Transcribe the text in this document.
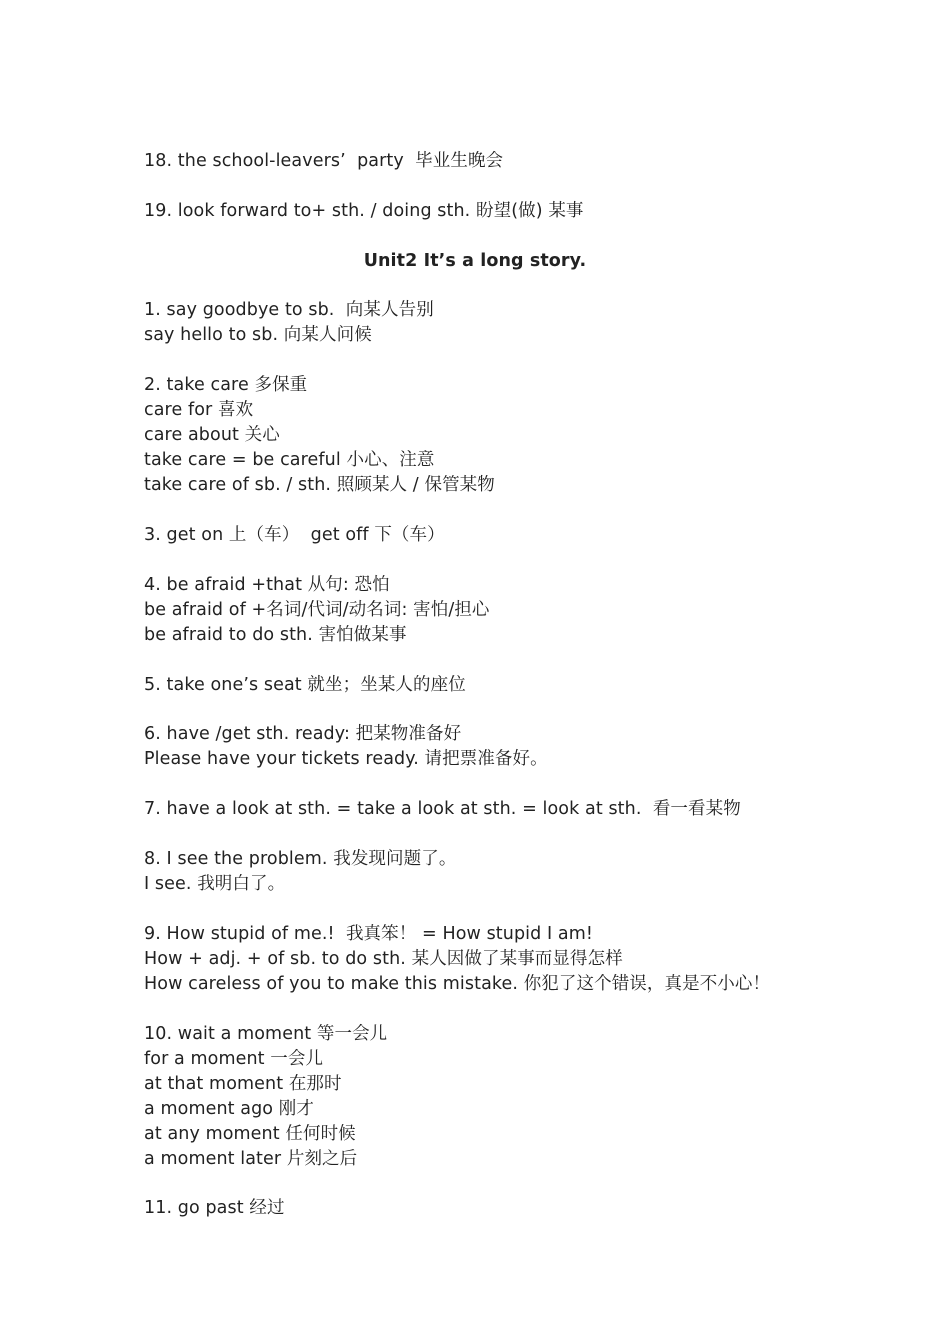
18. the school-leavers’  party  毕业生晚会
19. look forward to+ sth. / doing sth. 盼望(做) 某事
Unit2 It’s a long story.
1. say goodbye to sb.  向某人告别
say hello to sb. 向某人问候
2. take care 多保重
care for 喜欢
care about 关心
take care = be careful 小心、注意
take care of sb. / sth. 照顾某人 / 保管某物
3. get on 上（车）  get off 下（车）
4. be afraid +that 从句: 恐怕
be afraid of +名词/代词/动名词: 害怕/担心
be afraid to do sth. 害怕做某事
5. take one’s seat 就坐；坐某人的座位
6. have /get sth. ready: 把某物准备好
Please have your tickets ready. 请把票准备好。
7. have a look at sth. = take a look at sth. = look at sth.  看一看某物
8. I see the problem. 我发现问题了。
I see. 我明白了。
9. How stupid of me.!  我真笨！ = How stupid I am!
How + adj. + of sb. to do sth. 某人因做了某事而显得怎样
How careless of you to make this mistake. 你犯了这个错误，真是不小心！
10. wait a moment 等一会儿
for a moment 一会儿
at that moment 在那时
a moment ago 刚才
at any moment 任何时候
a moment later 片刻之后
11. go past 经过
